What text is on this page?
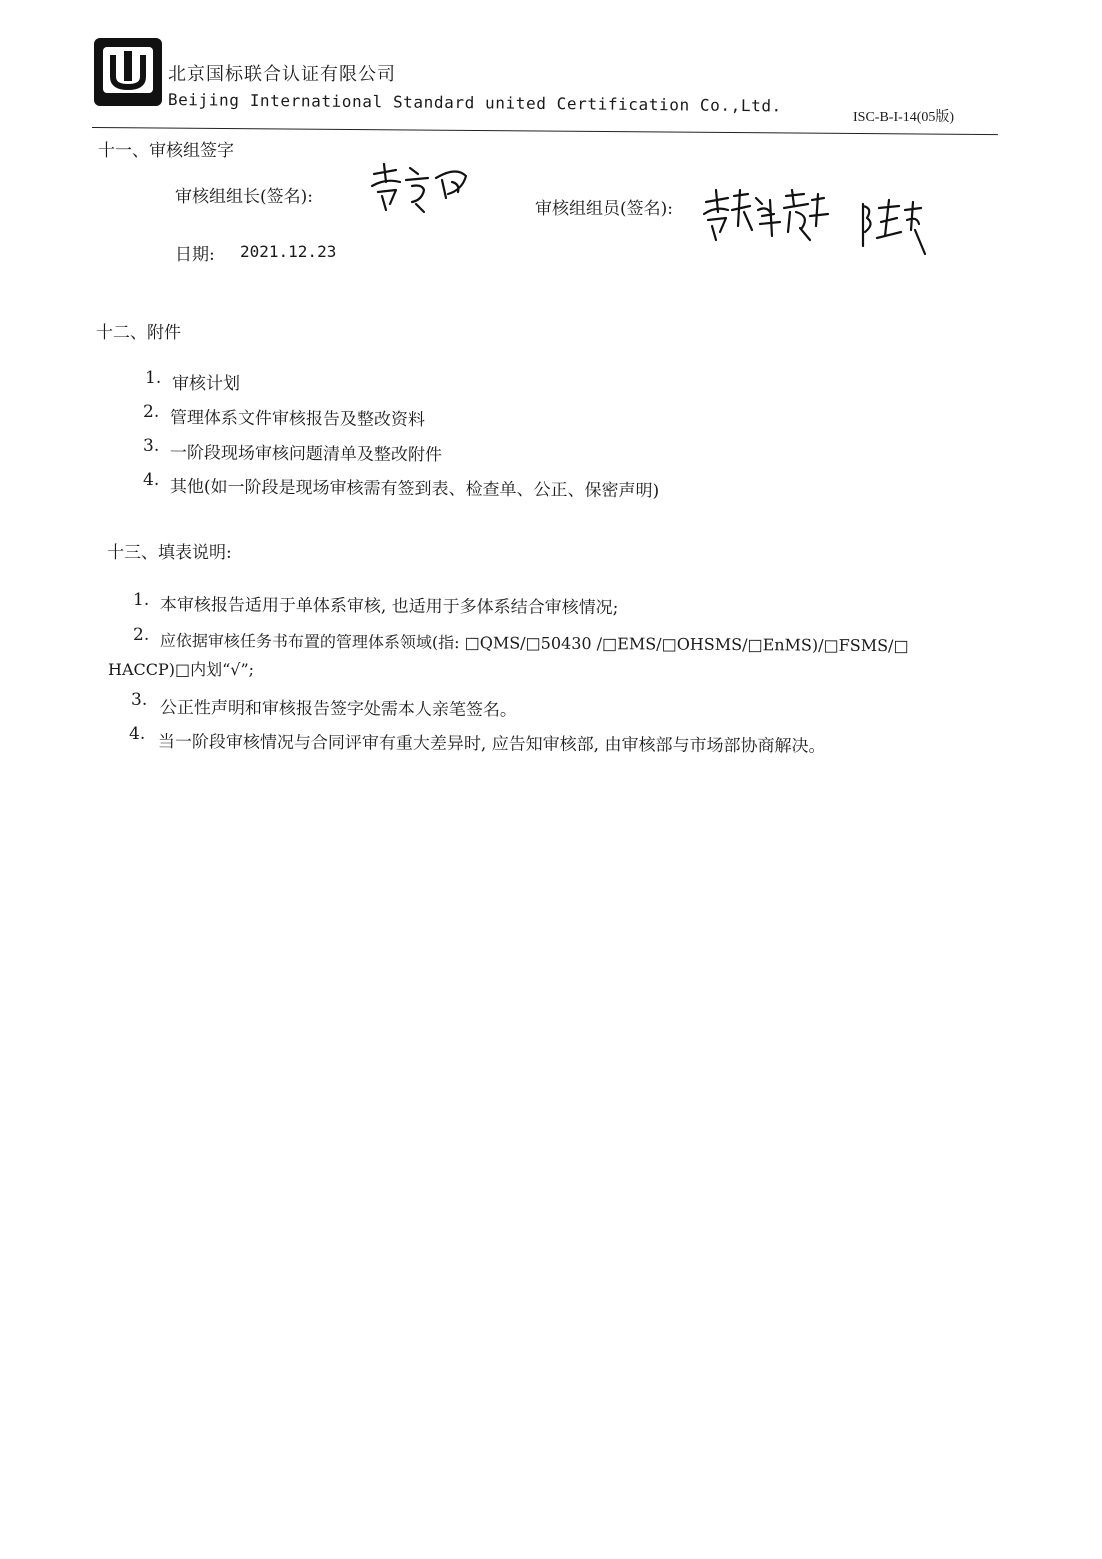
北京国标联合认证有限公司
Beijing International Standard united Certification Co.,Ltd.
ISC-B-I-14(05版)
十一、审核组签字
审核组组长(签名):
审核组组员(签名):
日期: 2021.12.23
十二、附件
1. 审核计划
2. 管理体系文件审核报告及整改资料
3. 一阶段现场审核问题清单及整改附件
4. 其他(如一阶段是现场审核需有签到表、检查单、公正、保密声明)
十三、填表说明:
1. 本审核报告适用于单体系审核, 也适用于多体系结合审核情况;
2. 应依据审核任务书布置的管理体系领域(指: □QMS/□50430 /□EMS/□OHSMS/□EnMS)/□FSMS/□
HACCP)□内划“√”;
3. 公正性声明和审核报告签字处需本人亲笔签名。
4. 当一阶段审核情况与合同评审有重大差异时, 应告知审核部, 由审核部与市场部协商解决。
